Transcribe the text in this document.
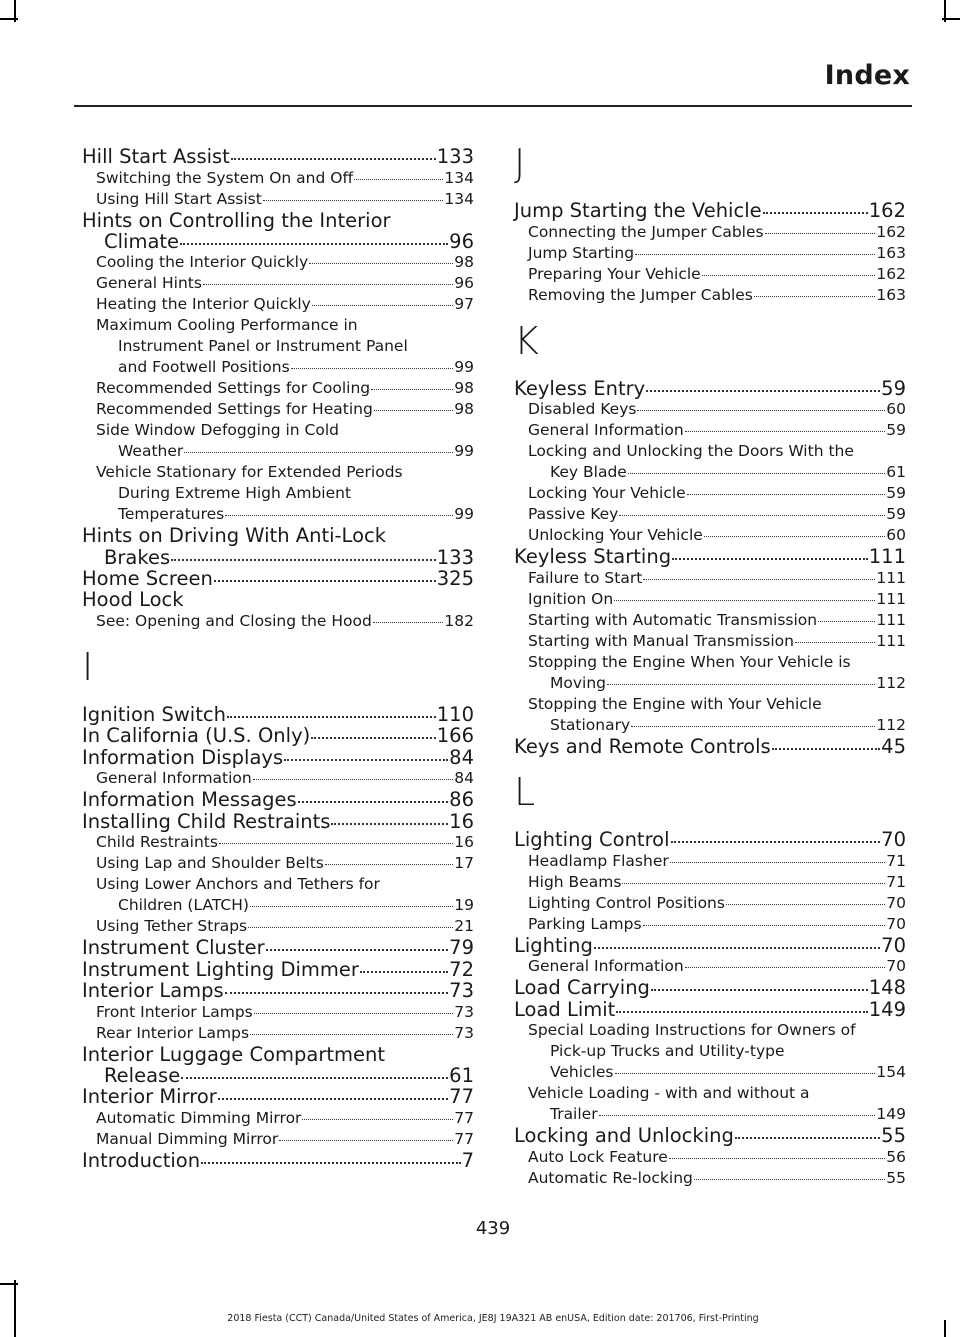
Index
Hill Start Assist	133
Switching the System On and Off	134
Using Hill Start Assist	134
Hints on Controlling the Interior
Climate	96
Cooling the Interior Quickly	98
General Hints	96
Heating the Interior Quickly	97
Maximum Cooling Performance in
Instrument Panel or Instrument Panel
and Footwell Positions	99
Recommended Settings for Cooling	98
Recommended Settings for Heating	98
Side Window Defogging in Cold
Weather	99
Vehicle Stationary for Extended Periods
During Extreme High Ambient
Temperatures	99
Hints on Driving With Anti-Lock
Brakes	133
Home Screen	325
Hood Lock
See: Opening and Closing the Hood	182
I
Ignition Switch	110
In California (U.S. Only)	166
Information Displays	84
General Information	84
Information Messages	86
Installing Child Restraints	16
Child Restraints	16
Using Lap and Shoulder Belts	17
Using Lower Anchors and Tethers for
Children (LATCH)	19
Using Tether Straps	21
Instrument Cluster	79
Instrument Lighting Dimmer	72
Interior Lamps	73
Front Interior Lamps	73
Rear Interior Lamps	73
Interior Luggage Compartment
Release	61
Interior Mirror	77
Automatic Dimming Mirror	77
Manual Dimming Mirror	77
Introduction	7
J
Jump Starting the Vehicle	162
Connecting the Jumper Cables	162
Jump Starting	163
Preparing Your Vehicle	162
Removing the Jumper Cables	163
K
Keyless Entry	59
Disabled Keys	60
General Information	59
Locking and Unlocking the Doors With the
Key Blade	61
Locking Your Vehicle	59
Passive Key	59
Unlocking Your Vehicle	60
Keyless Starting	111
Failure to Start	111
Ignition On	111
Starting with Automatic Transmission	111
Starting with Manual Transmission	111
Stopping the Engine When Your Vehicle is
Moving	112
Stopping the Engine with Your Vehicle
Stationary	112
Keys and Remote Controls	45
L
Lighting Control	70
Headlamp Flasher	71
High Beams	71
Lighting Control Positions	70
Parking Lamps	70
Lighting	70
General Information	70
Load Carrying	148
Load Limit	149
Special Loading Instructions for Owners of
Pick-up Trucks and Utility-type
Vehicles	154
Vehicle Loading - with and without a
Trailer	149
Locking and Unlocking	55
Auto Lock Feature	56
Automatic Re-locking	55
439
2018 Fiesta (CCT) Canada/United States of America, JE8J 19A321 AB enUSA, Edition date: 201706, First-Printing
